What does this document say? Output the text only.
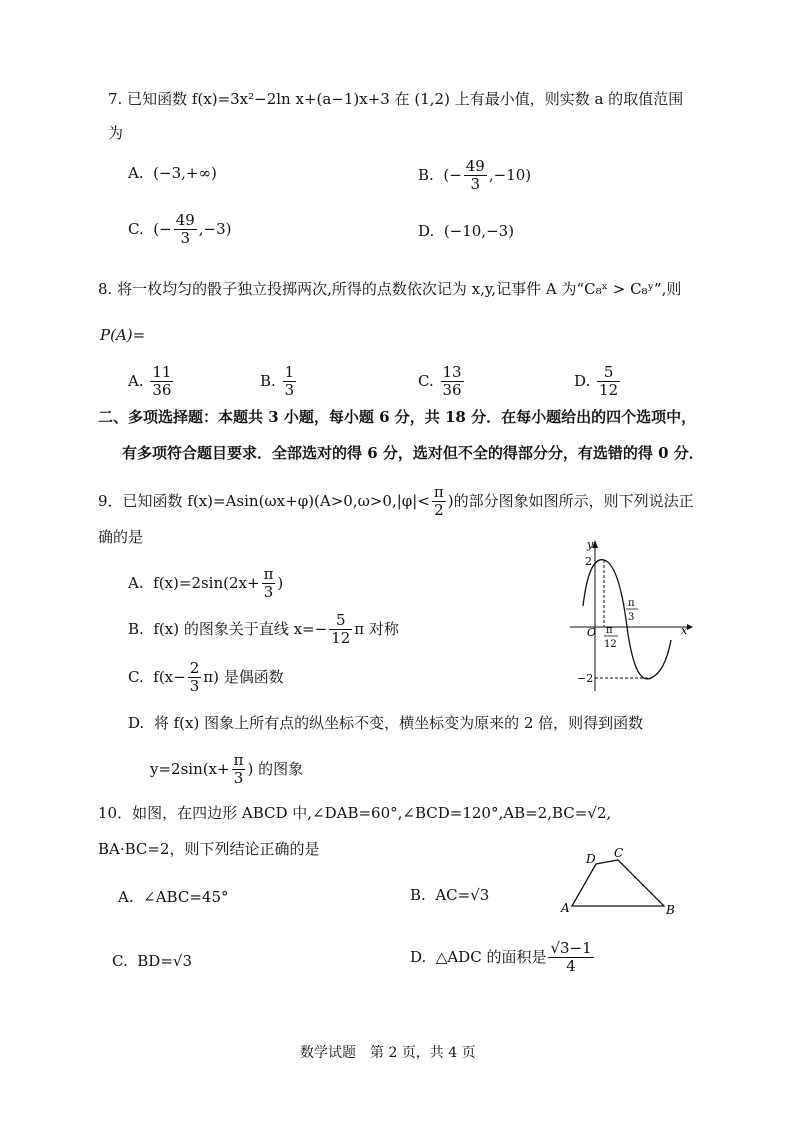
7. 已知函数 f(x)=3x²−2ln x+(a−1)x+3 在 (1,2) 上有最小值，则实数 a 的取值范围
为
A. (−3,+∞)	B. (− $\frac{49}{3} ,-10$)
C. (− $\frac{49}{3} ,-3$)	D. (−10,−3)
8. 将一枚均匀的骰子独立投掷两次,所得的点数依次记为 x,y,记事件 A 为“C₈ˣ > C₈ʸ”,则
P(A)=
A. $\frac{11}{36}$	B. $\frac{1}{3}$	C. $\frac{13}{36}$	D. $\frac{5}{12}$
二、多项选择题：本题共 3 小题，每小题 6 分，共 18 分．在每小题给出的四个选项中，
有多项符合题目要求．全部选对的得 6 分，选对但不全的得部分分，有选错的得 0 分．
9．已知函数 $f(x)=Asin(\omega x+\varphi)(A>0,\omega>0,|\varphi|< \frac{\pi}{2}$ )的部分图象如图所示，则下列说法正
确的是
A. $f(x)=2\sin(2x+ \frac{\pi}{3}$ )
B. f(x) 的图象关于直线 $x=- \frac{5}{12}$ π 对称
C. $f(x- \frac{2}{3} \pi)$ 是偶函数
D. 将 f(x) 图象上所有点的纵坐标不变，横坐标变为原来的 2 倍，则得到函数
$y=2\sin(x+ \frac{\pi}{3}$ ) 的图象
y
x
O
2
−2
π
12
π
3
10．如图，在四边形 ABCD 中,∠DAB=60°,∠BCD=120°,AB=2,BC=√2,
BA·BC=2，则下列结论正确的是
A. ∠ABC=45°	B. AC=√3
C. BD=√3	D. △ADC 的面积是 $\frac{√3-1}{4}$
A	B
C
D
数学试题　第 2 页，共 4 页
